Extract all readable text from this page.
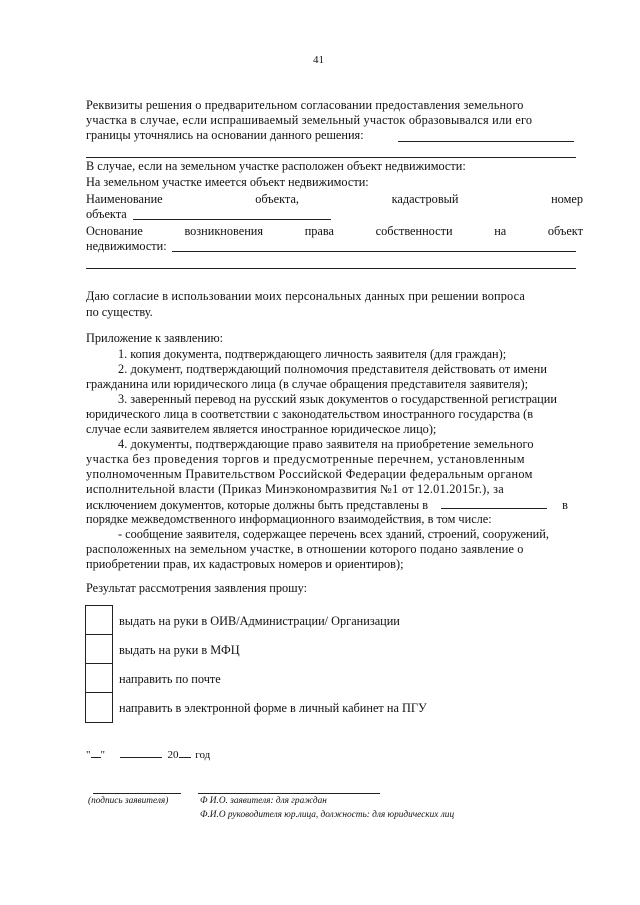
41
Реквизиты решения о предварительном согласовании предоставления земельного
участка в случае, если испрашиваемый земельный участок образовывался или его
границы уточнялись на основании данного решения:
В случае, если на земельном участке расположен объект недвижимости:
На земельном участке имеется объект недвижимости:
Наименование	объекта,	кадастровый	номер
объекта
Основание	возникновения	права	собственности	на	объект
недвижимости:
Даю согласие в использовании моих персональных данных при решении вопроса
по существу.
Приложение к заявлению:
1. копия документа, подтверждающего личность заявителя (для граждан);
2. документ, подтверждающий полномочия представителя действовать от имени
гражданина или юридического лица (в случае обращения представителя заявителя);
3. заверенный перевод на русский язык документов о государственной регистрации
юридического лица в соответствии с законодательством иностранного государства (в
случае если заявителем является иностранное юридическое лицо);
4. документы, подтверждающие право заявителя на приобретение земельного
участка без проведения торгов и предусмотренные перечнем, установленным
уполномоченным Правительством Российской Федерации федеральным органом
исполнительной власти (Приказ Минэкономразвития №1 от 12.01.2015г.), за
исключением документов, которые должны быть представлены в	в
порядке межведомственного информационного взаимодействия, в том числе:
- сообщение заявителя, содержащее перечень всех зданий, строений, сооружений,
расположенных на земельном участке, в отношении которого подано заявление о
приобретении прав, их кадастровых номеров и ориентиров);
Результат рассмотрения заявления прошу:
выдать на руки в ОИВ/Администрации/ Организации
выдать на руки в МФЦ
направить по почте
направить в электронной форме в личный кабинет на ПГУ
" "	20 год
(подпись заявителя)	Ф И.О. заявителя: для граждан
Ф.И.О руководителя юр.лица, должность: для юридических лиц
